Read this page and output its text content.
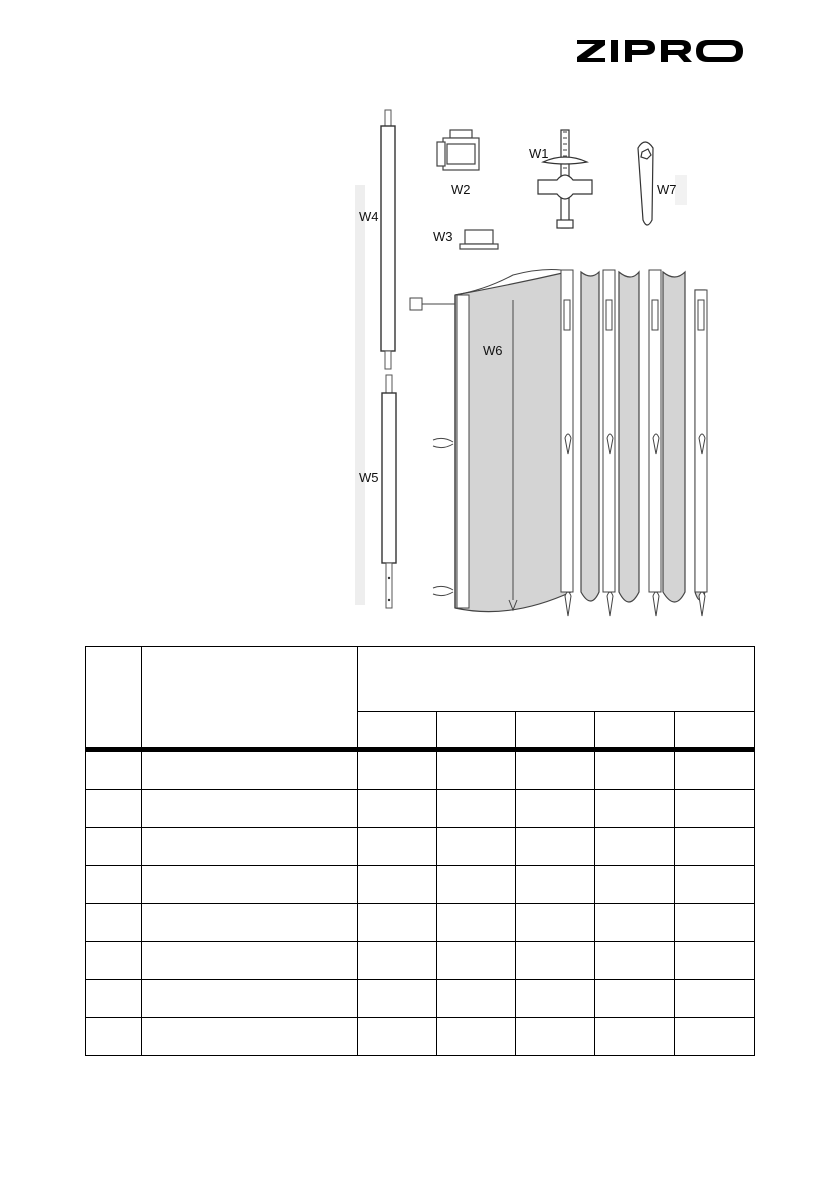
W1
W2
W3
W4
W5
W6
W7
